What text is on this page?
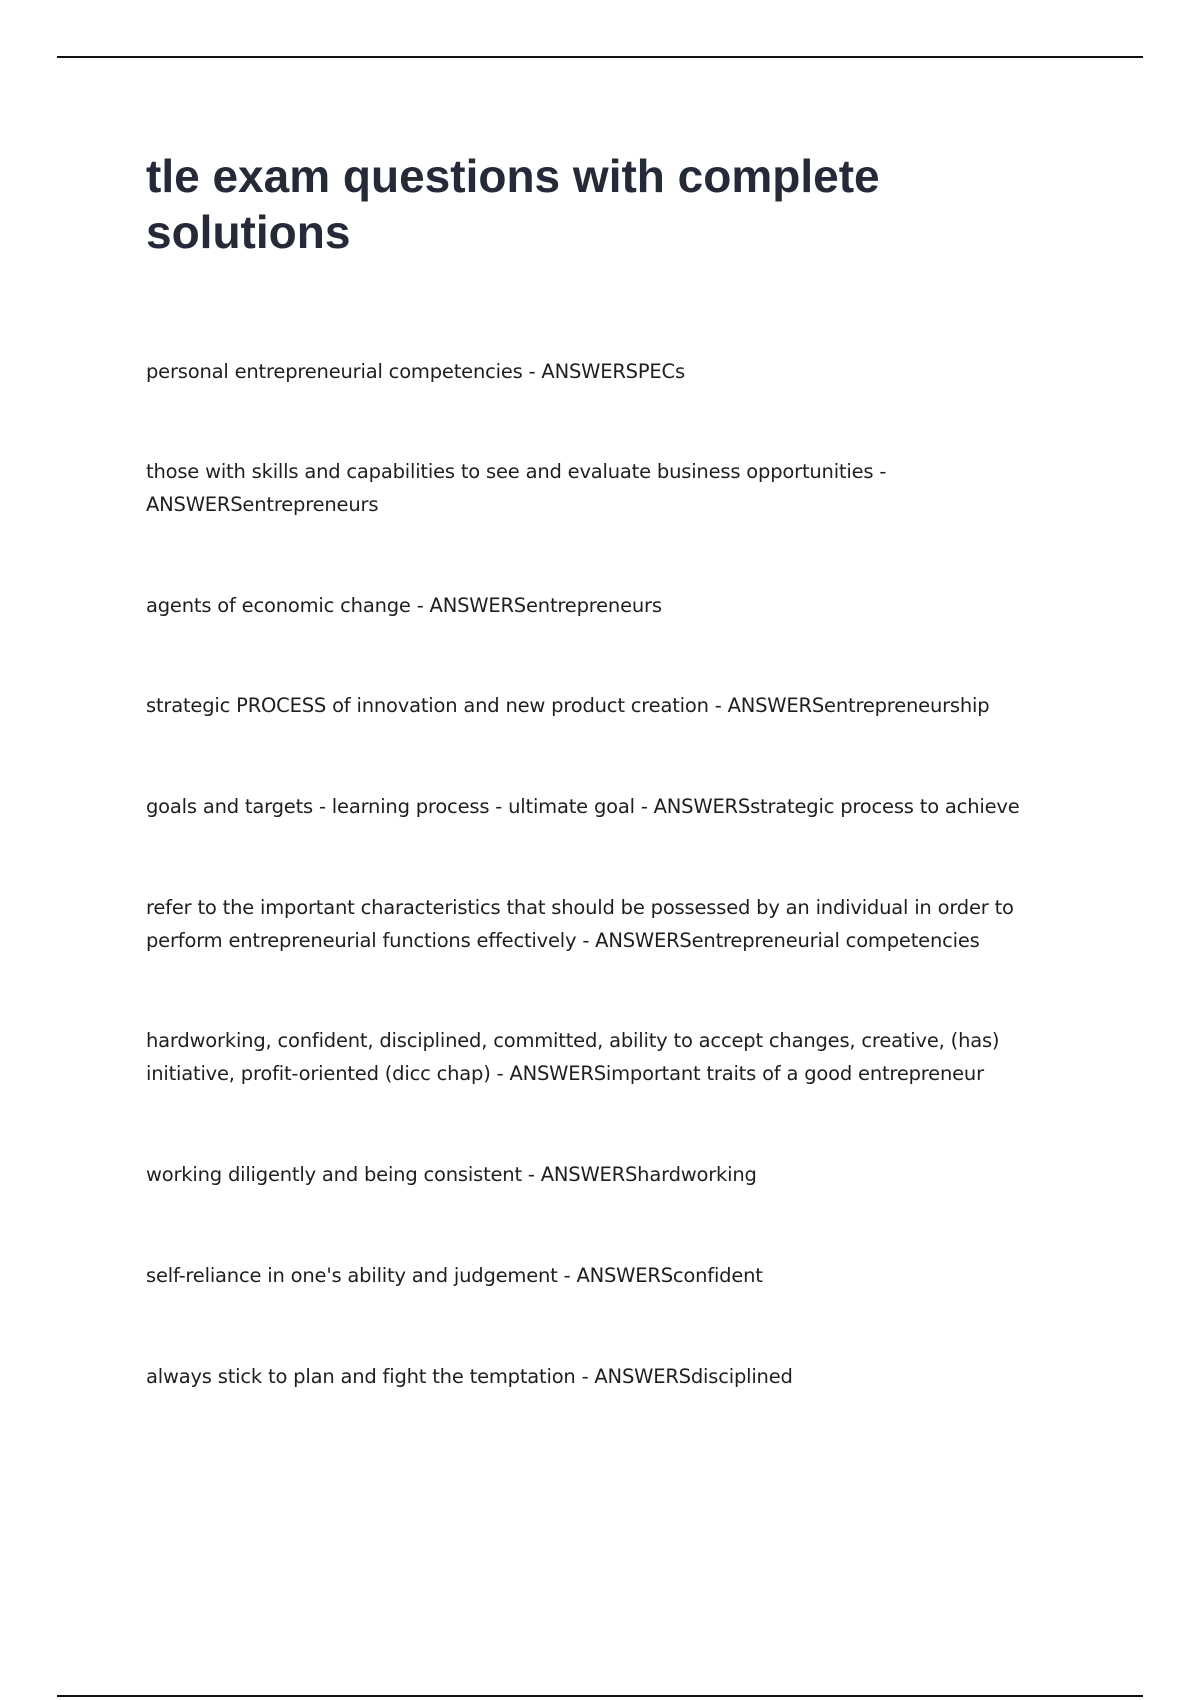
tle exam questions with complete solutions

personal entrepreneurial competencies - ANSWERSPECs

those with skills and capabilities to see and evaluate business opportunities - ANSWERSentrepreneurs

agents of economic change - ANSWERSentrepreneurs

strategic PROCESS of innovation and new product creation - ANSWERSentrepreneurship

goals and targets - learning process - ultimate goal - ANSWERSstrategic process to achieve

refer to the important characteristics that should be possessed by an individual in order to perform entrepreneurial functions effectively - ANSWERSentrepreneurial competencies

hardworking, confident, disciplined, committed, ability to accept changes, creative, (has) initiative, profit-oriented (dicc chap) - ANSWERSimportant traits of a good entrepreneur

working diligently and being consistent - ANSWERShardworking

self-reliance in one's ability and judgement - ANSWERSconfident

always stick to plan and fight the temptation - ANSWERSdisciplined
